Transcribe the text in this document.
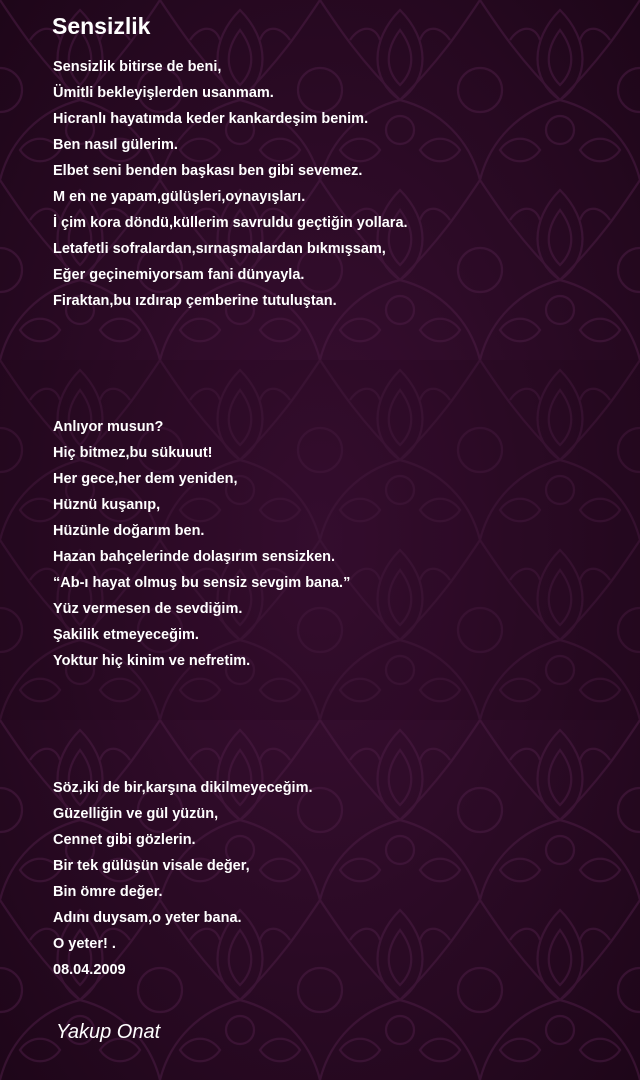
Sensizlik
Sensizlik bitirse de beni,
Ümitli bekleyişlerden usanmam.
Hicranlı hayatımda keder kankardeşim benim.
Ben nasıl gülerim.
Elbet seni benden başkası ben gibi sevemez.
M en ne yapam,gülüşleri,oynayışları.
İ çim kora döndü,küllerim savruldu geçtiğin yollara.
Letafetli sofralardan,sırnaşmalardan bıkmışsam,
Eğer geçinemiyorsam fani dünyayla.
Firaktan,bu ızdırap çemberine tutuluştan.
Anlıyor musun?
Hiç bitmez,bu sükuuut!
Her gece,her dem yeniden,
Hüznü kuşanıp,
Hüzünle doğarım ben.
Hazan bahçelerinde dolaşırım sensizken.
“Ab-ı hayat olmuş bu sensiz sevgim bana.”
Yüz vermesen de sevdiğim.
Şakilik etmeyeceğim.
Yoktur hiç kinim ve nefretim.
Söz,iki de bir,karşına dikilmeyeceğim.
Güzelliğin ve gül yüzün,
Cennet gibi gözlerin.
Bir tek gülüşün visale değer,
Bin ömre değer.
Adını duysam,o yeter bana.
O yeter! .
08.04.2009

Yakup Onat
